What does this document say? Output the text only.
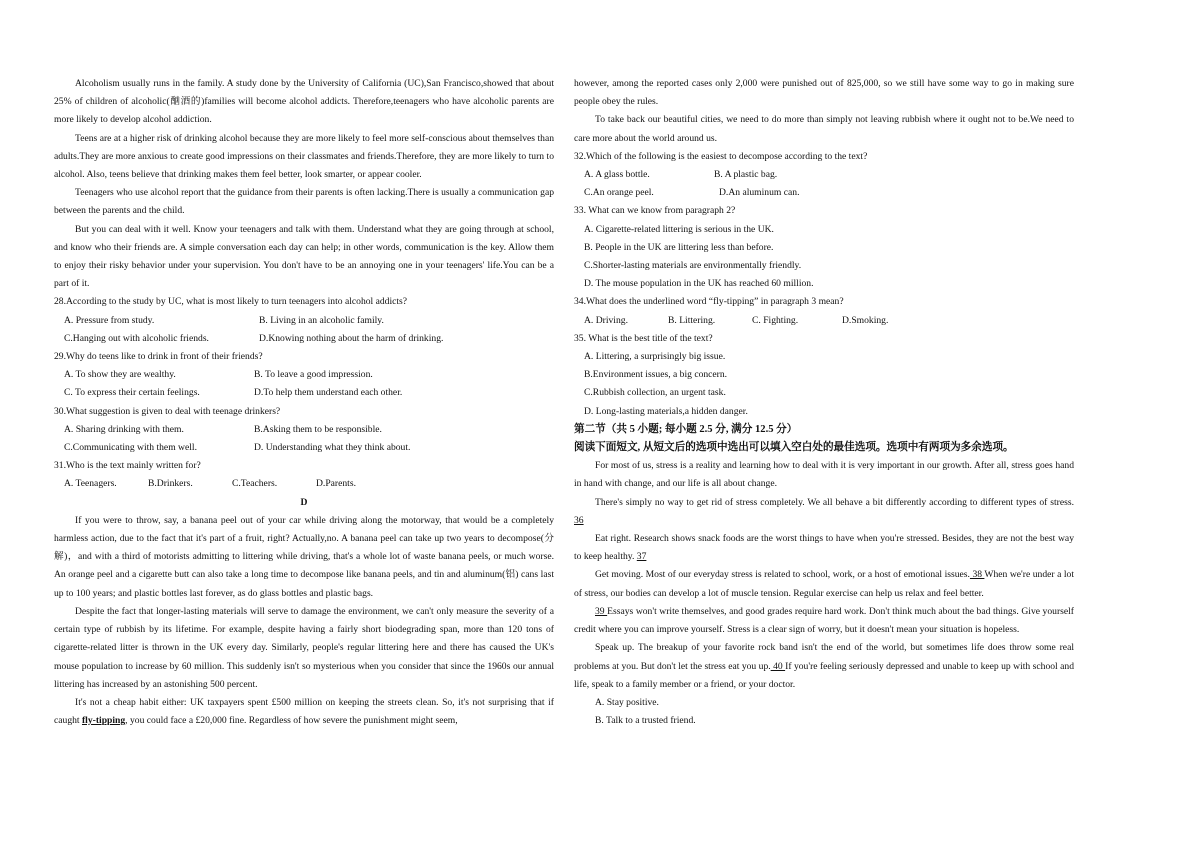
Alcoholism usually runs in the family. A study done by the University of California (UC),San Francisco,showed that about 25% of children of alcoholic(酗酒的)families will become alcohol addicts. Therefore,teenagers who have alcoholic parents are more likely to develop alcohol addiction.

Teens are at a higher risk of drinking alcohol because they are more likely to feel more self-conscious about themselves than adults.They are more anxious to create good impressions on their classmates and friends.Therefore, they are more likely to turn to alcohol. Also, teens believe that drinking makes them feel better, look smarter, or appear cooler.

Teenagers who use alcohol report that the guidance from their parents is often lacking.There is usually a communication gap between the parents and the child.

But you can deal with it well. Know your teenagers and talk with them. Understand what they are going through at school, and know who their friends are. A simple conversation each day can help; in other words, communication is the key. Allow them to enjoy their risky behavior under your supervision. You don't have to be an annoying one in your teenagers' life.You can be a part of it.

28.According to the study by UC, what is most likely to turn teenagers into alcohol addicts?

A. Pressure from study.	B. Living in an alcoholic family.

C.Hanging out with alcoholic friends.	D.Knowing nothing about the harm of drinking.

29.Why do teens like to drink in front of their friends?

A. To show they are wealthy.	B. To leave a good impression.

C. To express their certain feelings.	D.To help them understand each other.

30.What suggestion is given to deal with teenage drinkers?

A. Sharing drinking with them.	B.Asking them to be responsible.

C.Communicating with them well.	D. Understanding what they think about.

31.Who is the text mainly written for?

A. Teenagers.	B.Drinkers.	C.Teachers.	D.Parents.

D

If you were to throw, say, a banana peel out of your car while driving along the motorway, that would be a completely harmless action, due to the fact that it's part of a fruit, right? Actually,no. A banana peel can take up two years to decompose(分解)，and with a third of motorists admitting to littering while driving, that's a whole lot of waste banana peels, or much worse. An orange peel and a cigarette butt can also take a long time to decompose like banana peels, and tin and aluminum(铝) cans last up to 100 years; and plastic bottles last forever, as do glass bottles and plastic bags.

Despite the fact that longer-lasting materials will serve to damage the environment, we can't only measure the severity of a certain type of rubbish by its lifetime. For example, despite having a fairly short biodegrading span, more than 120 tons of cigarette-related litter is thrown in the UK every day. Similarly, people's regular littering here and there has caused the UK's mouse population to increase by 60 million. This suddenly isn't so mysterious when you consider that since the 1960s our annual littering has increased by an astonishing 500 percent.

It's not a cheap habit either: UK taxpayers spent £500 million on keeping the streets clean. So, it's not surprising that if caught fly-tipping, you could face a £20,000 fine. Regardless of how severe the punishment might seem,

however, among the reported cases only 2,000 were punished out of 825,000, so we still have some way to go in making sure people obey the rules.

To take back our beautiful cities, we need to do more than simply not leaving rubbish where it ought not to be.We need to care more about the world around us.

32.Which of the following is the easiest to decompose according to the text?

A. A glass bottle.	B. A plastic bag.

C.An orange peel.	D.An aluminum can.

33. What can we know from paragraph 2?

A. Cigarette-related littering is serious in the UK.

B. People in the UK are littering less than before.

C.Shorter-lasting materials are environmentally friendly.

D. The mouse population in the UK has reached 60 million.

34.What does the underlined word “fly-tipping” in paragraph 3 mean?

A. Driving.	B. Littering.	C. Fighting.	D.Smoking.

35. What is the best title of the text?

A. Littering, a surprisingly big issue.

B.Environment issues, a big concern.

C.Rubbish collection, an urgent task.

D. Long-lasting materials,a hidden danger.

第二节（共 5 小题; 每小题 2.5 分, 满分 12.5 分）

阅读下面短文, 从短文后的选项中选出可以填入空白处的最佳选项。选项中有两项为多余选项。

For most of us, stress is a reality and learning how to deal with it is very important in our growth. After all, stress goes hand in hand with change, and our life is all about change.

There's simply no way to get rid of stress completely. We all behave a bit differently according to different types of stress. 36

Eat right. Research shows snack foods are the worst things to have when you're stressed. Besides, they are not the best way to keep healthy. 37

Get moving. Most of our everyday stress is related to school, work, or a host of emotional issues. 38 When we're under a lot of stress, our bodies can develop a lot of muscle tension. Regular exercise can help us relax and feel better.

39 Essays won't write themselves, and good grades require hard work. Don't think much about the bad things. Give yourself credit where you can improve yourself. Stress is a clear sign of worry, but it doesn't mean your situation is hopeless.

Speak up. The breakup of your favorite rock band isn't the end of the world, but sometimes life does throw some real problems at you. But don't let the stress eat you up. 40 If you're feeling seriously depressed and unable to keep up with school and life, speak to a family member or a friend, or your doctor.

A. Stay positive.

B. Talk to a trusted friend.
